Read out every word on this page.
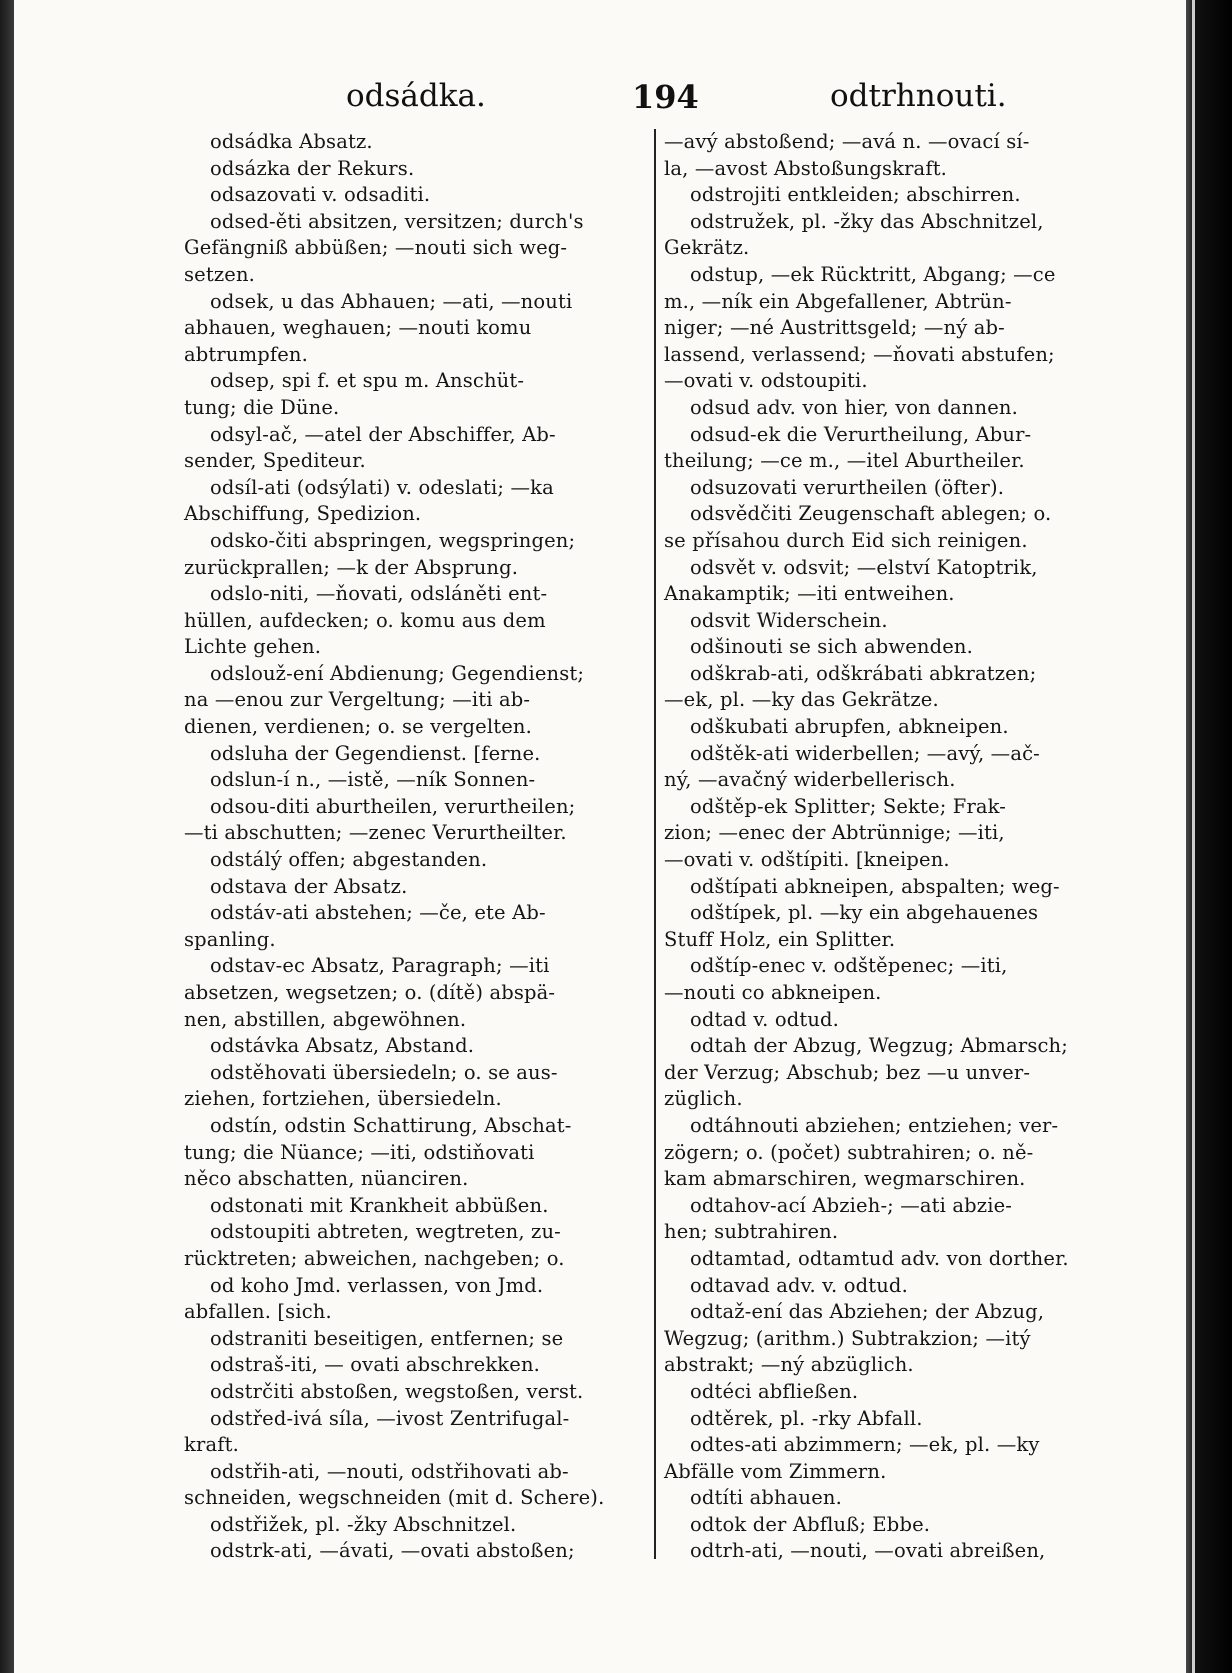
odsádka.	194	odtrhnouti.
odsádka Absatz.
odsázka der Rekurs.
odsazovati v. odsaditi.
odsed-ěti absitzen, versitzen; durch's
Gefängniß abbüßen; —nouti sich weg-
setzen.
odsek, u das Abhauen; —ati, —nouti
abhauen, weghauen; —nouti komu
abtrumpfen.
odsep, spi f. et spu m. Anschüt-
tung; die Düne.
odsyl-ač, —atel der Abschiffer, Ab-
sender, Spediteur.
odsíl-ati (odsýlati) v. odeslati; —ka
Abschiffung, Spedizion.
odsko-čiti abspringen, wegspringen;
zurückprallen; —k der Absprung.
odslo-niti, —ňovati, odsláněti ent-
hüllen, aufdecken; o. komu aus dem
Lichte gehen.
odslouž-ení Abdienung; Gegendienst;
na —enou zur Vergeltung; —iti ab-
dienen, verdienen; o. se vergelten.
odsluha der Gegendienst. [ferne.
odslun-í n., —istě, —ník Sonnen-
odsou-diti aburtheilen, verurtheilen;
—ti abschutten; —zenec Verurtheilter.
odstálý offen; abgestanden.
odstava der Absatz.
odstáv-ati abstehen; —če, ete Ab-
spanling.
odstav-ec Absatz, Paragraph; —iti
absetzen, wegsetzen; o. (dítě) abspä-
nen, abstillen, abgewöhnen.
odstávka Absatz, Abstand.
odstěhovati übersiedeln; o. se aus-
ziehen, fortziehen, übersiedeln.
odstín, odstin Schattirung, Abschat-
tung; die Nüance; —iti, odstiňovati
něco abschatten, nüanciren.
odstonati mit Krankheit abbüßen.
odstoupiti abtreten, wegtreten, zu-
rücktreten; abweichen, nachgeben; o.
od koho Jmd. verlassen, von Jmd.
abfallen. [sich.
odstraniti beseitigen, entfernen; se
odstraš-iti, — ovati abschrekken.
odstrčiti abstoßen, wegstoßen, verst.
odstřed-ivá síla, —ivost Zentrifugal-
kraft.
odstřih-ati, —nouti, odstřihovati ab-
schneiden, wegschneiden (mit d. Schere).
odstřižek, pl. -žky Abschnitzel.
odstrk-ati, —ávati, —ovati abstoßen;
—avý abstoßend; —avá n. —ovací sí-
la, —avost Abstoßungskraft.
odstrojiti entkleiden; abschirren.
odstružek, pl. -žky das Abschnitzel,
Gekrätz.
odstup, —ek Rücktritt, Abgang; —ce
m., —ník ein Abgefallener, Abtrün-
niger; —né Austrittsgeld; —ný ab-
lassend, verlassend; —ňovati abstufen;
—ovati v. odstoupiti.
odsud adv. von hier, von dannen.
odsud-ek die Verurtheilung, Abur-
theilung; —ce m., —itel Aburtheiler.
odsuzovati verurtheilen (öfter).
odsvědčiti Zeugenschaft ablegen; o.
se přísahou durch Eid sich reinigen.
odsvět v. odsvit; —elství Katoptrik,
Anakamptik; —iti entweihen.
odsvit Widerschein.
odšinouti se sich abwenden.
odškrab-ati, odškrábati abkratzen;
—ek, pl. —ky das Gekrätze.
odškubati abrupfen, abkneipen.
odštěk-ati widerbellen; —avý, —ač-
ný, —avačný widerbellerisch.
odštěp-ek Splitter; Sekte; Frak-
zion; —enec der Abtrünnige; —iti,
—ovati v. odštípiti. [kneipen.
odštípati abkneipen, abspalten; weg-
odštípek, pl. —ky ein abgehauenes
Stuff Holz, ein Splitter.
odštíp-enec v. odštěpenec; —iti,
—nouti co abkneipen.
odtad v. odtud.
odtah der Abzug, Wegzug; Abmarsch;
der Verzug; Abschub; bez —u unver-
züglich.
odtáhnouti abziehen; entziehen; ver-
zögern; o. (počet) subtrahiren; o. ně-
kam abmarschiren, wegmarschiren.
odtahov-ací Abzieh-; —ati abzie-
hen; subtrahiren.
odtamtad, odtamtud adv. von dorther.
odtavad adv. v. odtud.
odtaž-ení das Abziehen; der Abzug,
Wegzug; (arithm.) Subtrakzion; —itý
abstrakt; —ný abzüglich.
odtéci abfließen.
odtěrek, pl. -rky Abfall.
odtes-ati abzimmern; —ek, pl. —ky
Abfälle vom Zimmern.
odtíti abhauen.
odtok der Abfluß; Ebbe.
odtrh-ati, —nouti, —ovati abreißen,
